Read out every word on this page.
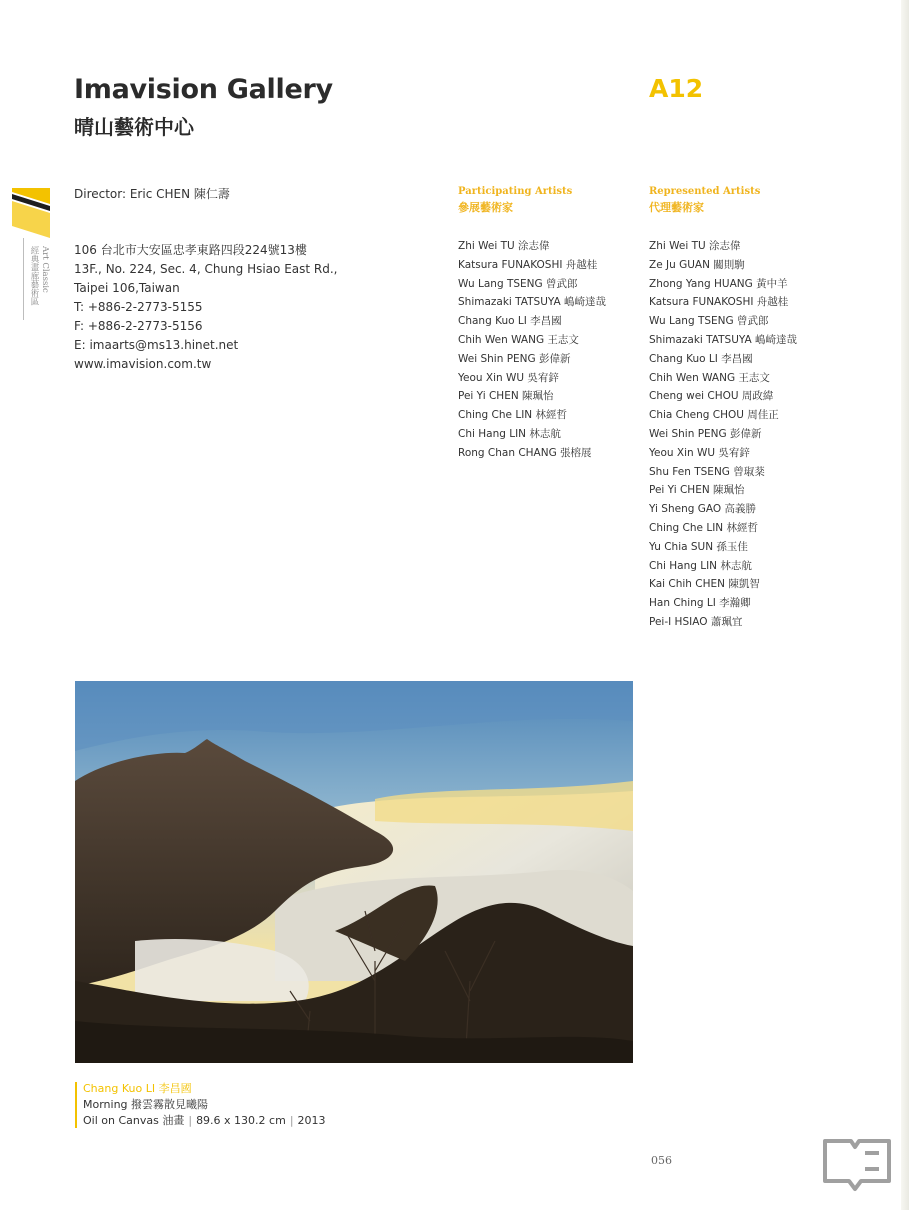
Imavision Gallery
晴山藝術中心
A12
Art Classic
經典畫廊藝術區
Director: Eric CHEN 陳仁壽
106 台北市大安區忠孝東路四段224號13樓
13F., No. 224, Sec. 4, Chung Hsiao East Rd.,
Taipei 106,Taiwan
T: +886-2-2773-5155
F: +886-2-2773-5156
E: imaarts@ms13.hinet.net
www.imavision.com.tw
Participating Artists
參展藝術家
Zhi Wei TU 涂志偉
Katsura FUNAKOSHI 舟越桂
Wu Lang TSENG 曾武郎
Shimazaki TATSUYA 嶋崎達哉
Chang Kuo LI 李昌國
Chih Wen WANG 王志文
Wei Shin PENG 彭偉新
Yeou Xin WU 吳宥鋅
Pei Yi CHEN 陳珮怡
Ching Che LIN 林經哲
Chi Hang LIN 林志航
Rong Chan CHANG 張榕展
Represented Artists
代理藝術家
Zhi Wei TU 涂志偉
Ze Ju GUAN 關則駒
Zhong Yang HUANG 黃中羊
Katsura FUNAKOSHI 舟越桂
Wu Lang TSENG 曾武郎
Shimazaki TATSUYA 嶋崎達哉
Chang Kuo LI 李昌國
Chih Wen WANG 王志文
Cheng wei CHOU 周政緯
Chia Cheng CHOU 周佳正
Wei Shin PENG 彭偉新
Yeou Xin WU 吳宥鋅
Shu Fen TSENG 曾琡棻
Pei Yi CHEN 陳珮怡
Yi Sheng GAO 高義勝
Ching Che LIN 林經哲
Yu Chia SUN 孫玉佳
Chi Hang LIN 林志航
Kai Chih CHEN 陳凱智
Han Ching LI 李瀚卿
Pei-I HSIAO 蕭珮宜
Chang Kuo LI 李昌國
Morning 撥雲霧散見曦陽
Oil on Canvas 油畫 | 89.6 x 130.2 cm | 2013
056
